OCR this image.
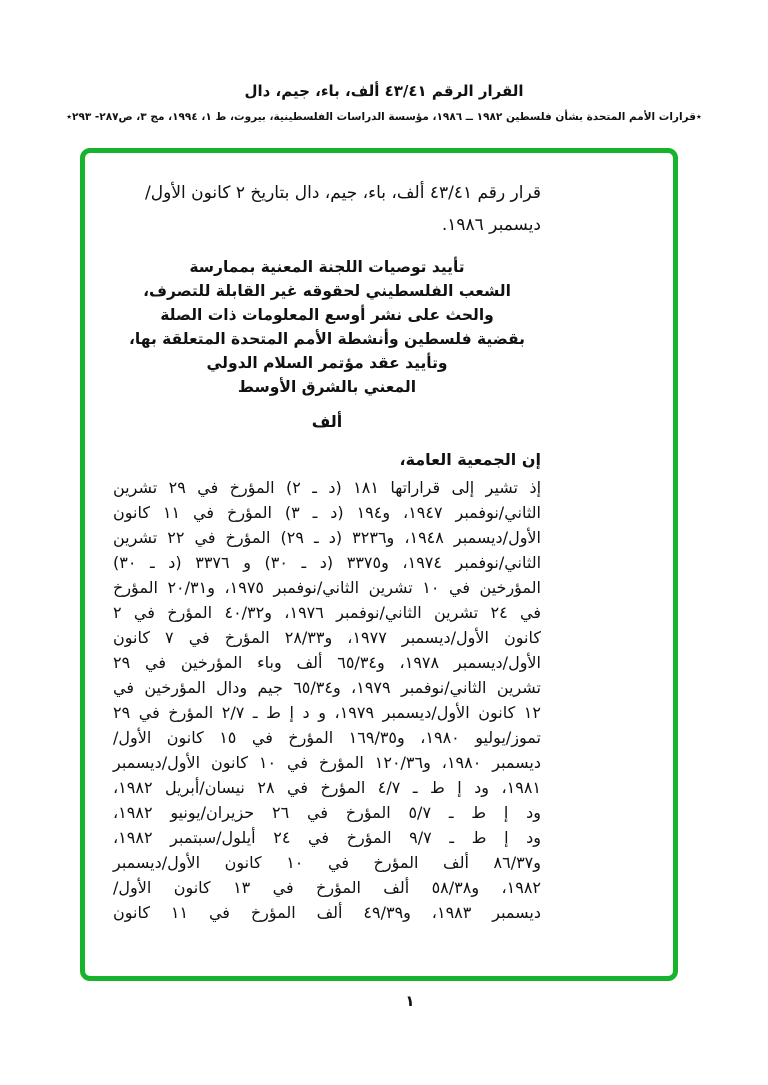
القرار الرقم ٤٣/٤١ ألف، باء، جيم، دال
٭قرارات الأمم المتحدة بشأن فلسطين ١٩٨٢ ــ ١٩٨٦، مؤسسة الدراسات الفلسطينية، بيروت، ط ١، ١٩٩٤، مج ٣، ص٢٨٧- ٢٩٣٭
قرار رقم ٤٣/٤١ ألف، باء، جيم، دال بتاريخ ٢ كانون الأول/
ديسمبر ١٩٨٦.
تأييد توصيات اللجنة المعنية بممارسة
الشعب الفلسطيني لحقوقه غير القابلة للتصرف،
والحث على نشر أوسع المعلومات ذات الصلة
بقضية فلسطين وأنشطة الأمم المتحدة المتعلقة بها،
وتأييد عقد مؤتمر السلام الدولي
المعني بالشرق الأوسط
ألف
إن الجمعية العامة،
إذ تشير إلى قراراتها ١٨١ (د ـ ٢) المؤرخ في ٢٩ تشرين
الثاني/نوفمبر ١٩٤٧، و١٩٤ (د ـ ٣) المؤرخ في ١١ كانون
الأول/ديسمبر ١٩٤٨، و٣٢٣٦ (د ـ ٢٩) المؤرخ في ٢٢ تشرين
الثاني/نوفمبر ١٩٧٤، و٣٣٧٥ (د ـ ٣٠) و ٣٣٧٦ (د ـ ٣٠)
المؤرخين في ١٠ تشرين الثاني/نوفمبر ١٩٧٥، و٢٠/٣١ المؤرخ
في ٢٤ تشرين الثاني/نوفمبر ١٩٧٦، و٤٠/٣٢ المؤرخ في ٢
كانون الأول/ديسمبر ١٩٧٧، و٢٨/٣٣ المؤرخ في ٧ كانون
الأول/ديسمبر ١٩٧٨، و٦٥/٣٤ ألف وباء المؤرخين في ٢٩
تشرين الثاني/نوفمبر ١٩٧٩، و٦٥/٣٤ جيم ودال المؤرخين في
١٢ كانون الأول/ديسمبر ١٩٧٩، و د إ ط ـ ٢/٧ المؤرخ في ٢٩
تموز/يوليو ١٩٨٠، و١٦٩/٣٥ المؤرخ في ١٥ كانون الأول/
ديسمبر ١٩٨٠، و١٢٠/٣٦ المؤرخ في ١٠ كانون الأول/ديسمبر
١٩٨١، ود إ ط ـ ٤/٧ المؤرخ في ٢٨ نيسان/أبريل ١٩٨٢،
ود إ ط ـ ٥/٧ المؤرخ في ٢٦ حزيران/يونيو ١٩٨٢،
ود إ ط ـ ٩/٧ المؤرخ في ٢٤ أيلول/سبتمبر ١٩٨٢،
و٨٦/٣٧ ألف المؤرخ في ١٠ كانون الأول/ديسمبر
١٩٨٢، و٥٨/٣٨ ألف المؤرخ في ١٣ كانون الأول/
ديسمبر ١٩٨٣، و٤٩/٣٩ ألف المؤرخ في ١١ كانون
١
